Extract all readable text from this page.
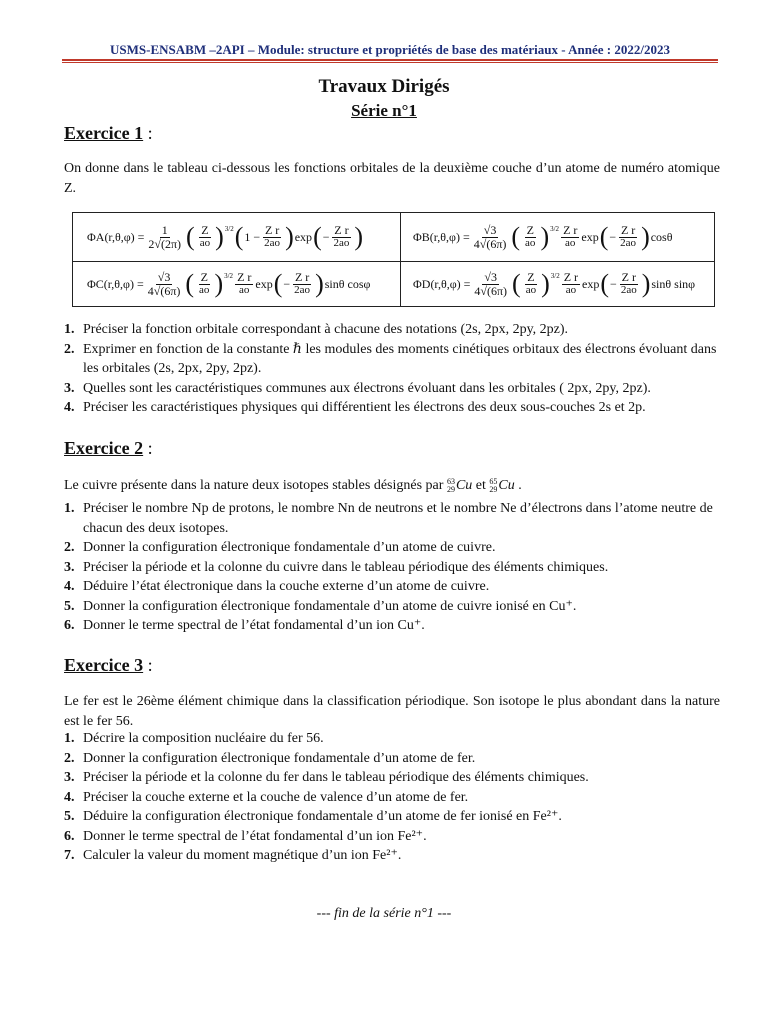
USMS-ENSABM –2API – Module: structure et propriétés de base des matériaux - Année : 2022/2023
Travaux Dirigés
Série n°1
Exercice 1 :
On donne dans le tableau ci-dessous les fonctions orbitales de la deuxième couche d’un atome de numéro atomique Z.
$\Phi A(r,\theta,\varphi) = \frac{1}{2√(2\pi)}$ ( $\frac{Z}{ao}$ ) 3/2 ( $1 - \frac{\text{Z r}}{2ao}$ ) exp ( − $\frac{\text{Z r}}{2ao}$ )	$\Phi B(r,\theta,\varphi) = \frac{√3}{4√(6\pi)}$ ( $\frac{Z}{ao}$ ) $3/2 \frac{\text{Z r}}{ao}$ exp ( − $\frac{\text{Z r}}{2ao}$ ) cosθ
$\Phi C(r,\theta,\varphi) = \frac{√3}{4√(6\pi)}$ ( $\frac{Z}{ao}$ ) $3/2 \frac{\text{Z r}}{ao}$ exp ( − $\frac{\text{Z r}}{2ao}$ ) sinθ cosφ	$\Phi D(r,\theta,\varphi) = \frac{√3}{4√(6\pi)}$ ( $\frac{Z}{ao}$ ) $3/2 \frac{\text{Z r}}{ao}$ exp ( − $\frac{\text{Z r}}{2ao}$ ) sinθ sinφ
1. Préciser la fonction orbitale correspondant à chacune des notations (2s, 2px, 2py, 2pz).
2. Exprimer en fonction de la constante ℏ les modules des moments cinétiques orbitaux des électrons évoluant dans les orbitales (2s, 2px, 2py, 2pz).
3. Quelles sont les caractéristiques communes aux électrons évoluant dans les orbitales ( 2px, 2py, 2pz).
4. Préciser les caractéristiques physiques qui différentient les électrons des deux sous-couches 2s et 2p.
Exercice 2 :
Le cuivre présente dans la nature deux isotopes stables désignés par 63
29 Cu et 65
29 Cu .
1. Préciser le nombre Np de protons, le nombre Nn de neutrons et le nombre Ne d’électrons dans l’atome neutre de chacun des deux isotopes.
2. Donner la configuration électronique fondamentale d’un atome de cuivre.
3. Préciser la période et la colonne du cuivre dans le tableau périodique des éléments chimiques.
4. Déduire l’état électronique dans la couche externe d’un atome de cuivre.
5. Donner la configuration électronique fondamentale d’un atome de cuivre ionisé en Cu⁺.
6. Donner le terme spectral de l’état fondamental d’un ion Cu⁺.
Exercice 3 :
Le fer est le 26ème élément chimique dans la classification périodique. Son isotope le plus abondant dans la nature est le fer 56.
1. Décrire la composition nucléaire du fer 56.
2. Donner la configuration électronique fondamentale d’un atome de fer.
3. Préciser la période et la colonne du fer dans le tableau périodique des éléments chimiques.
4. Préciser la couche externe et la couche de valence d’un atome de fer.
5. Déduire la configuration électronique fondamentale d’un atome de fer ionisé en Fe²⁺.
6. Donner le terme spectral de l’état fondamental d’un ion Fe²⁺.
7. Calculer la valeur du moment magnétique d’un ion Fe²⁺.
--- fin de la série n°1 ---
